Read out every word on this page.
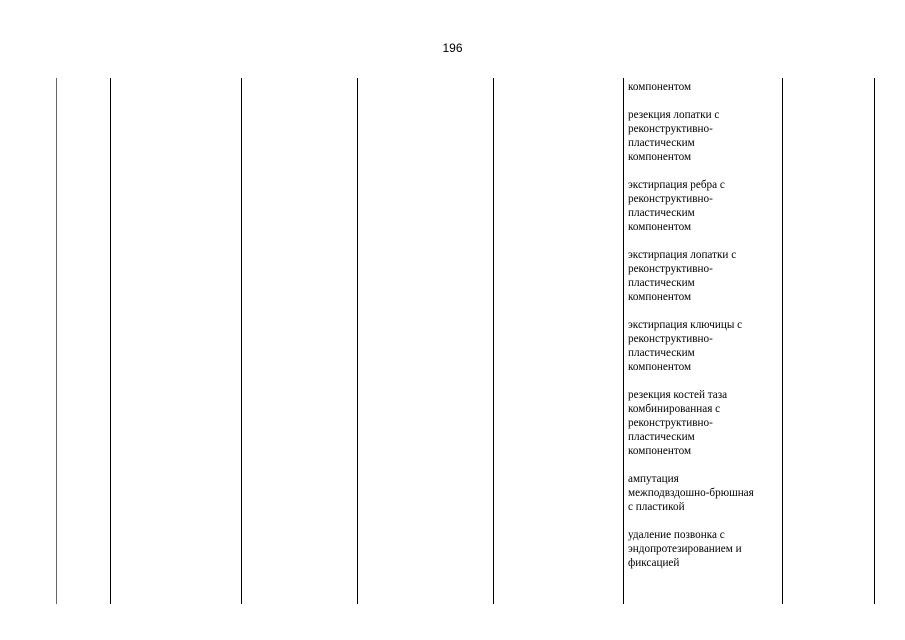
196

компонентом

резекция лопатки с
реконструктивно-
пластическим
компонентом

экстирпация ребра с
реконструктивно-
пластическим
компонентом

экстирпация лопатки с
реконструктивно-
пластическим
компонентом

экстирпация ключицы с
реконструктивно-
пластическим
компонентом

резекция костей таза
комбинированная с
реконструктивно-
пластическим
компонентом

ампутация
межподвздошно-брюшная
с пластикой

удаление позвонка с
эндопротезированием и
фиксацией
